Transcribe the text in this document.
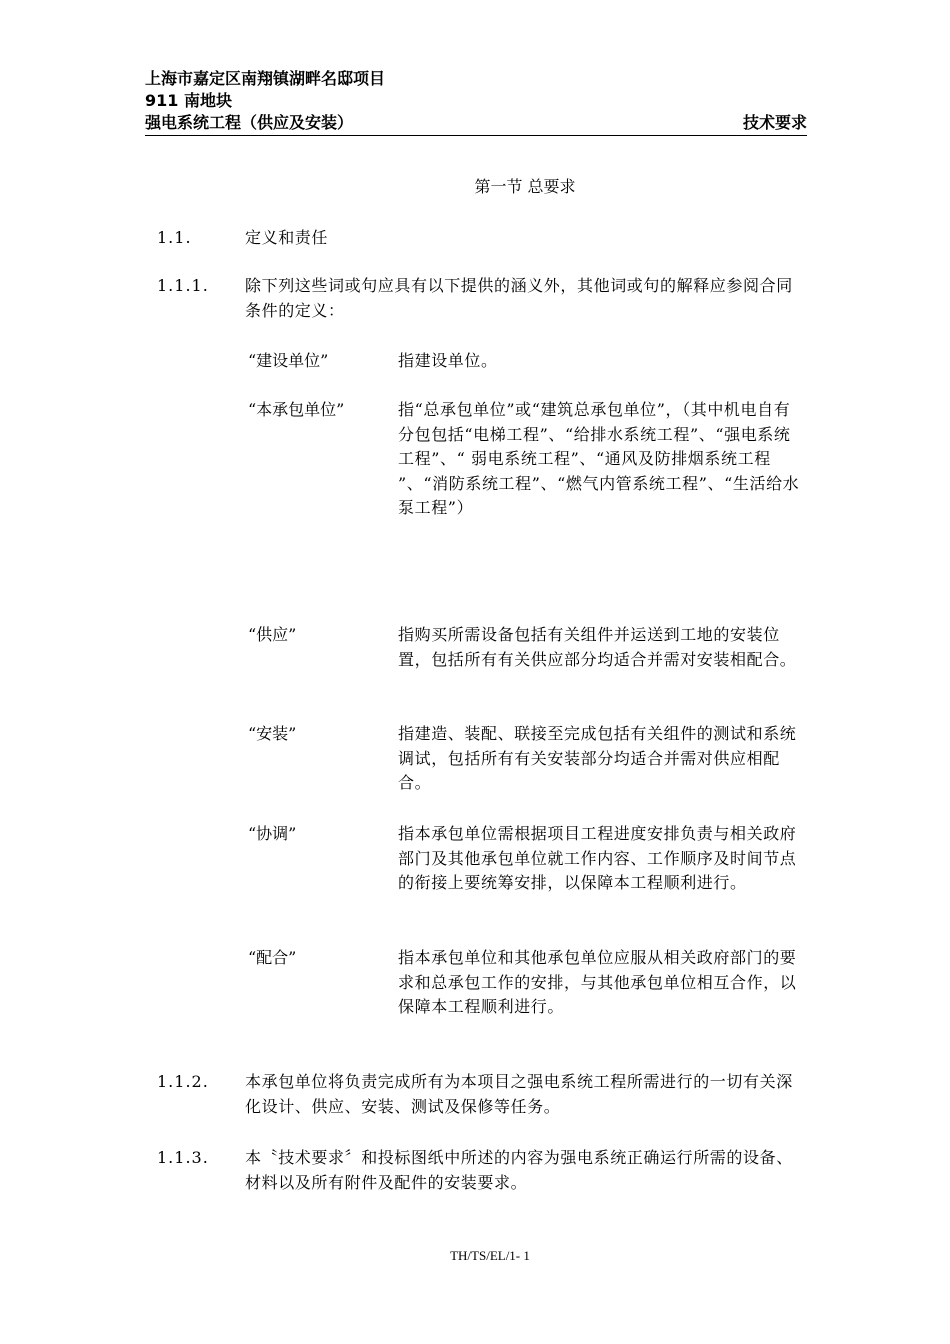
上海市嘉定区南翔镇湖畔名邸项目
911 南地块
强电系统工程（供应及安装）	技术要求
第一节 总要求
1.1.	定义和责任
1.1.1. 除下列这些词或句应具有以下提供的涵义外，其他词或句的解释应参阅合同条件的定义：
“建设单位”	指建设单位。
“本承包单位”	指“总承包单位”或“建筑总承包单位”，（其中机电自有分包包括“电梯工程”、“给排水系统工程”、“强电系统工程”、“ 弱电系统工程”、“通风及防排烟系统工程 ”、“消防系统工程”、“燃气内管系统工程”、“生活给水泵工程”）
“供应”	指购买所需设备包括有关组件并运送到工地的安装位置，包括所有有关供应部分均适合并需对安装相配合。
“安装”	指建造、装配、联接至完成包括有关组件的测试和系统调试，包括所有有关安装部分均适合并需对供应相配合。
“协调”	指本承包单位需根据项目工程进度安排负责与相关政府部门及其他承包单位就工作内容、工作顺序及时间节点的衔接上要统筹安排，以保障本工程顺利进行。
“配合”	指本承包单位和其他承包单位应服从相关政府部门的要求和总承包工作的安排，与其他承包单位相互合作，以保障本工程顺利进行。
1.1.2. 本承包单位将负责完成所有为本项目之强电系统工程所需进行的一切有关深化设计、供应、安装、测试及保修等任务。
1.1.3. 本〝技术要求〞和投标图纸中所述的内容为强电系统正确运行所需的设备、材料以及所有附件及配件的安装要求。
TH/TS/EL/1- 1
